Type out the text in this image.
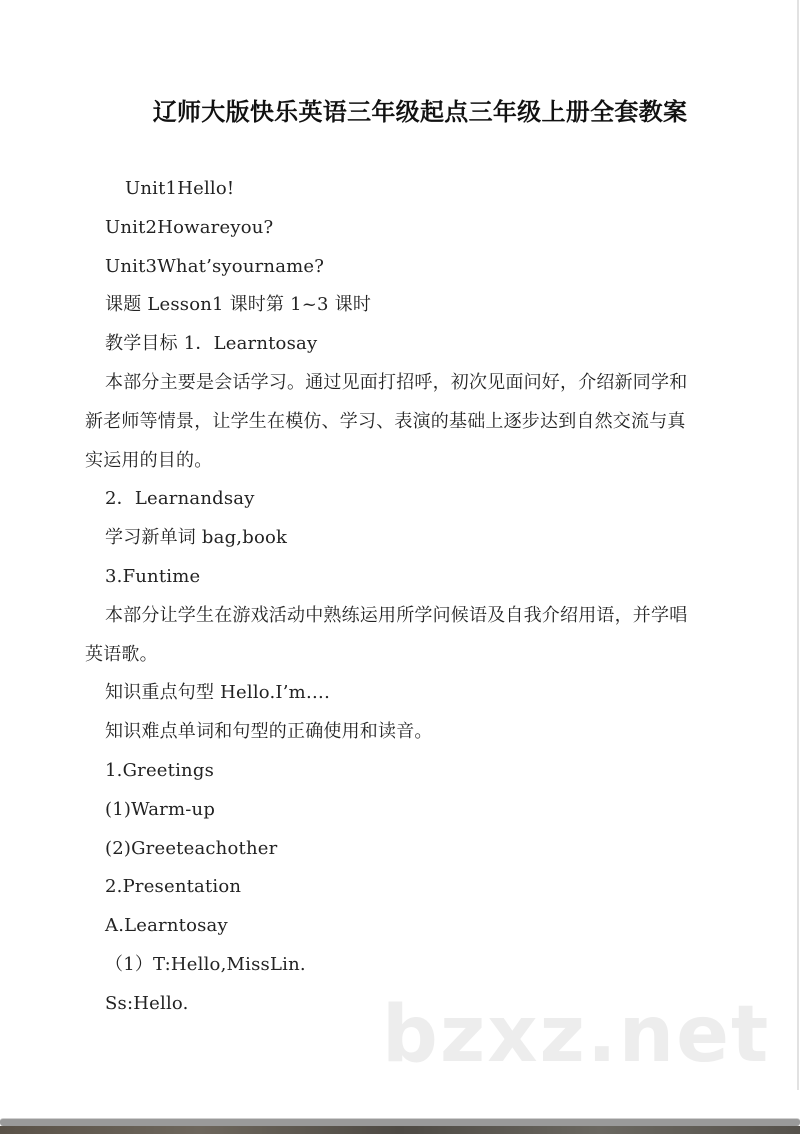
辽师大版快乐英语三年级起点三年级上册全套教案

Unit1Hello!

Unit2Howareyou?

Unit3What’syourname?

课题 Lesson1 课时第 1~3 课时

教学目标 1．Learntosay

本部分主要是会话学习。通过见面打招呼，初次见面问好，介绍新同学和新老师等情景，让学生在模仿、学习、表演的基础上逐步达到自然交流与真实运用的目的。

2．Learnandsay

学习新单词 bag,book

3.Funtime

本部分让学生在游戏活动中熟练运用所学问候语及自我介绍用语，并学唱英语歌。

知识重点句型 Hello.I’m….

知识难点单词和句型的正确使用和读音。

1.Greetings

(1)Warm-up

(2)Greeteachother

2.Presentation

A.Learntosay

（1）T:Hello,MissLin.

Ss:Hello.	bzxz.net
